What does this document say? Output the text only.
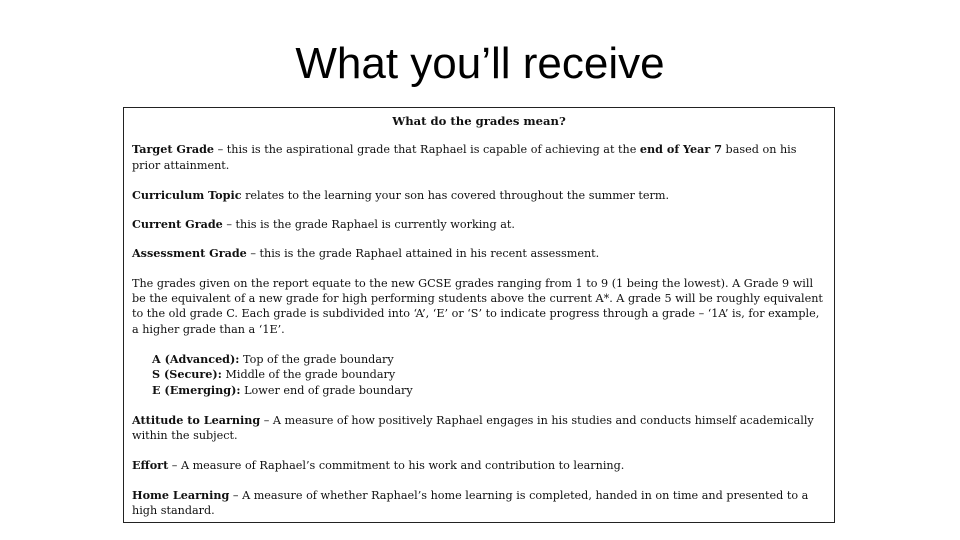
What you’ll receive
What do the grades mean?
Target Grade – this is the aspirational grade that Raphael is capable of achieving at the end of Year 7 based on his prior attainment.
Curriculum Topic relates to the learning your son has covered throughout the summer term.
Current Grade – this is the grade Raphael is currently working at.
Assessment Grade – this is the grade Raphael attained in his recent assessment.
The grades given on the report equate to the new GCSE grades ranging from 1 to 9 (1 being the lowest). A Grade 9 will be the equivalent of a new grade for high performing students above the current A*. A grade 5 will be roughly equivalent to the old grade C. Each grade is subdivided into ‘A’, ‘E’ or ‘S’ to indicate progress through a grade – ‘1A’ is, for example, a higher grade than a ‘1E’.
A (Advanced): Top of the grade boundary
S (Secure): Middle of the grade boundary
E (Emerging): Lower end of grade boundary
Attitude to Learning – A measure of how positively Raphael engages in his studies and conducts himself academically within the subject.
Effort – A measure of Raphael’s commitment to his work and contribution to learning.
Home Learning – A measure of whether Raphael’s home learning is completed, handed in on time and presented to a high standard.
